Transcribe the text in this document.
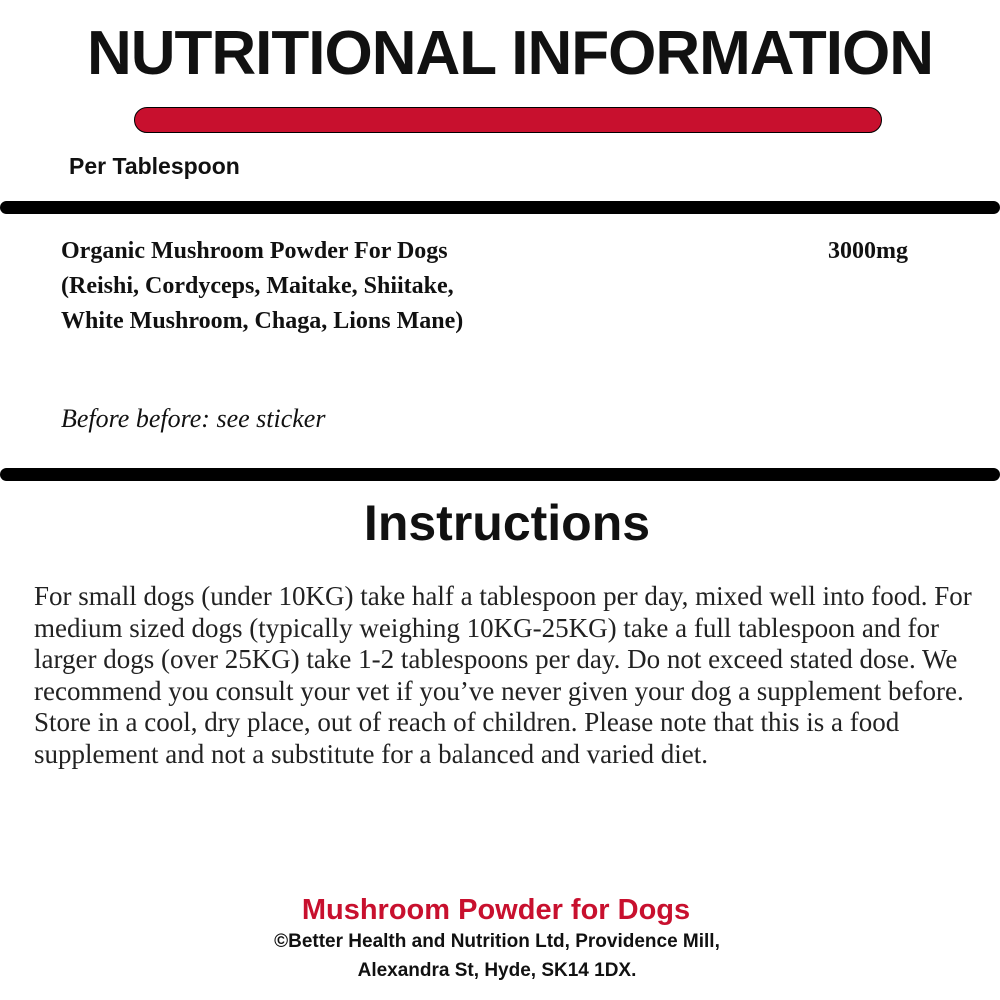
NUTRITIONAL INFORMATION
Per Tablespoon
Organic Mushroom Powder For Dogs
(Reishi, Cordyceps, Maitake, Shiitake,
White Mushroom, Chaga, Lions Mane)
3000mg
Before before: see sticker
Instructions
For small dogs (under 10KG) take half a tablespoon per day, mixed well into food. For medium sized dogs (typically weighing 10KG-25KG) take a full tablespoon and for larger dogs (over 25KG) take 1-2 tablespoons per day. Do not exceed stated dose. We recommend you consult your vet if you’ve never given your dog a supplement before. Store in a cool, dry place, out of reach of children. Please note that this is a food supplement and not a substitute for a balanced and varied diet.
Mushroom Powder for Dogs
©Better Health and Nutrition Ltd, Providence Mill,
Alexandra St, Hyde, SK14 1DX.
